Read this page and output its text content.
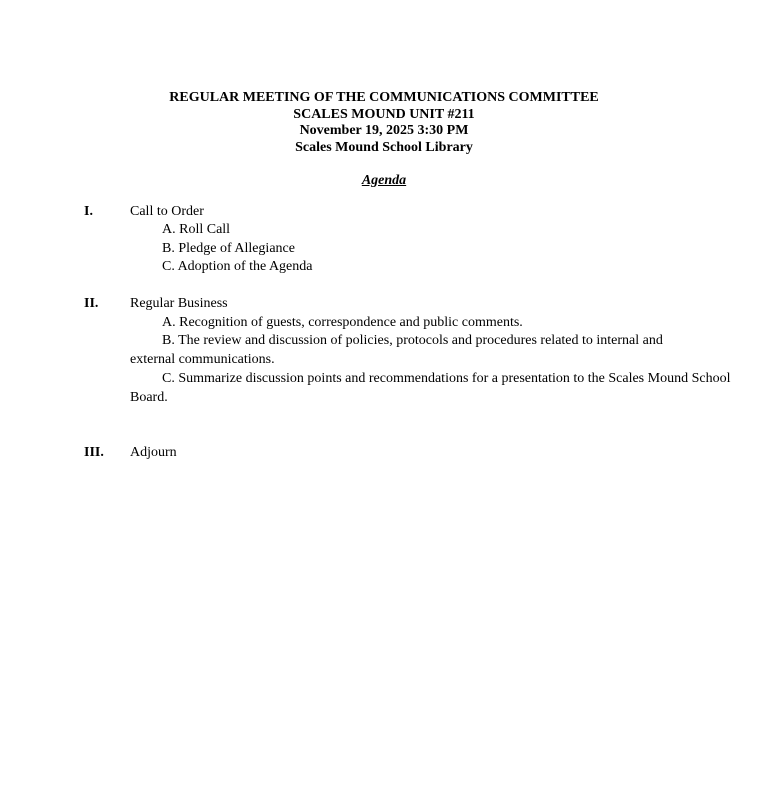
REGULAR MEETING OF THE COMMUNICATIONS COMMITTEE
SCALES MOUND UNIT #211
November 19, 2025 3:30 PM
Scales Mound School Library
Agenda
I.	Call to Order
A. Roll Call
B. Pledge of Allegiance
C. Adoption of the Agenda
II. Regular Business
A. Recognition of guests, correspondence and public comments.
B. The review and discussion of policies, protocols and procedures related to internal and external communications.
C. Summarize discussion points and recommendations for a presentation to the Scales Mound School Board.
III. Adjourn
